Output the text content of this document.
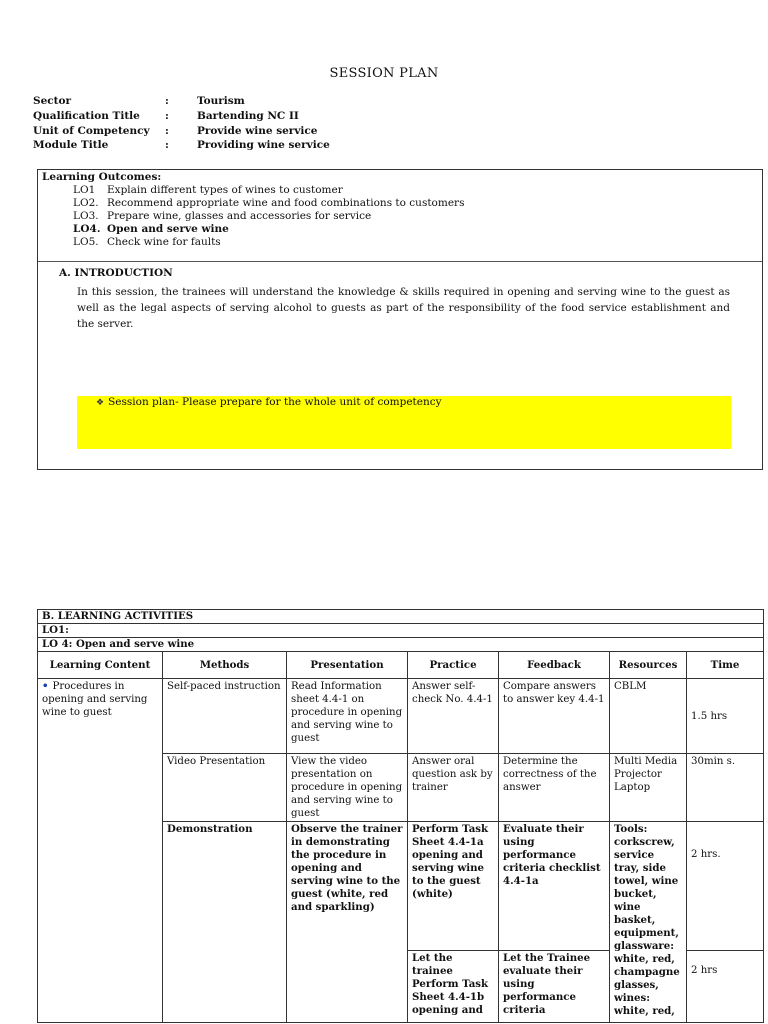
SESSION PLAN
Sector	:	Tourism
Qualification Title :	Bartending NC II
Unit of Competency :	Provide wine service
Module Title	:	Providing wine service
Learning Outcomes:
LO1 Explain different types of wines to customer
LO2. Recommend appropriate wine and food combinations to customers
LO3. Prepare wine, glasses and accessories for service
LO4. Open and serve wine
LO5. Check wine for faults
A. INTRODUCTION
In this session, the trainees will understand the knowledge & skills required in opening and serving wine to the guest as well as the legal aspects of serving alcohol to guests as part of the responsibility of the food service establishment and the server.
❖ Session plan- Please prepare for the whole unit of competency
B. LEARNING ACTIVITIES						
LO1:						
LO 4: Open and serve wine						
Learning Content	Methods	Presentation	Practice	Feedback	Resources	Time
• Procedures in opening and serving wine to guest	Self-paced instruction	Read Information sheet 4.4-1 on procedure in opening and serving wine to guest	Answer self-check No. 4.4-1	Compare answers to answer key 4.4-1	CBLM	1.5 hrs
	Video Presentation	View the video presentation on procedure in opening and serving wine to guest	Answer oral question ask by trainer	Determine the correctness of the answer	Multi Media Projector Laptop	30min s.
	Demonstration	Observe the trainer in demonstrating the procedure in opening and serving wine to the guest (white, red and sparkling)	Perform Task Sheet 4.4-1a opening and serving wine to the guest (white)	Evaluate their using performance criteria checklist 4.4-1a	Tools: corkscrew, service tray, side towel, wine bucket, wine basket, equipment, glassware: white, red, champagne glasses, wines: white, red,	2 hrs.
			Let the trainee Perform Task Sheet 4.4-1b opening and	Let the Trainee evaluate their using performance criteria		2 hrs
